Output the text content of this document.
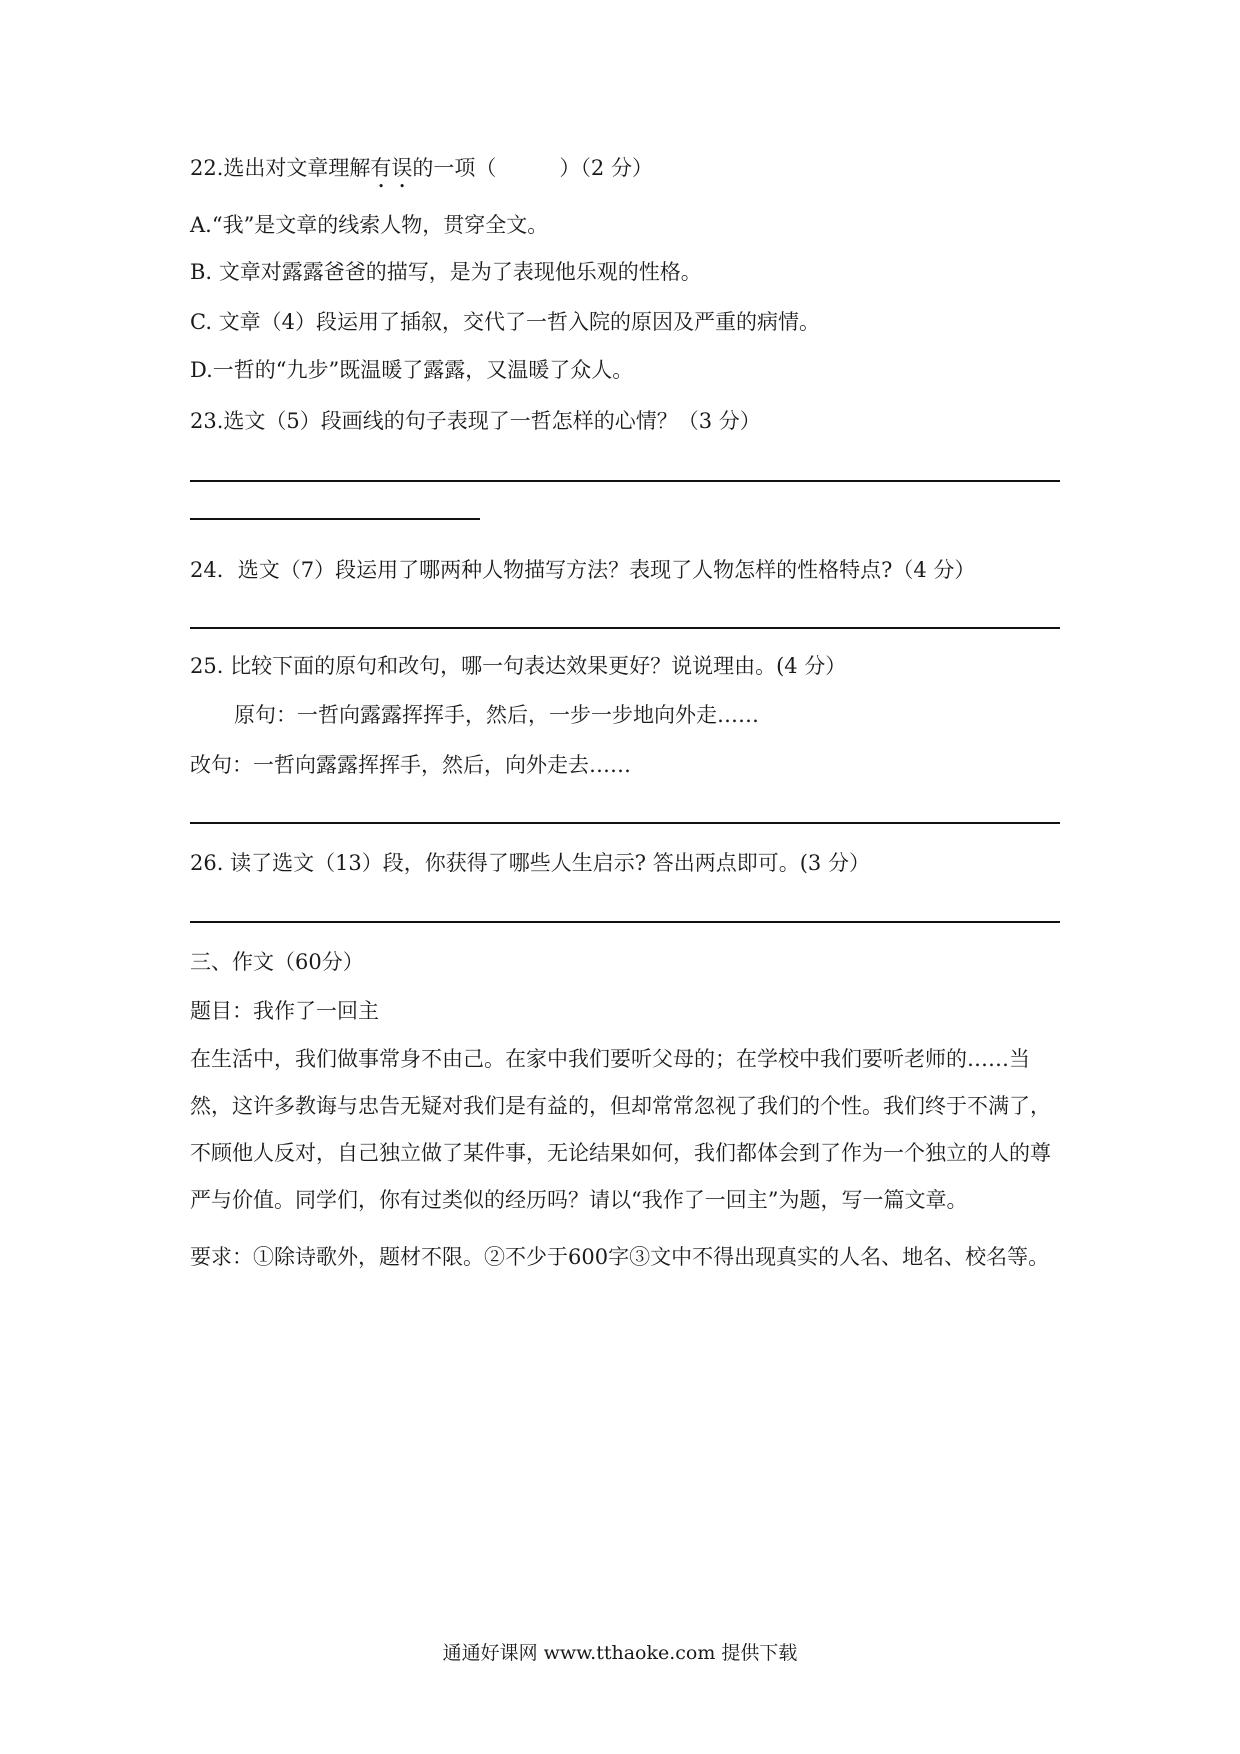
22.选出对文章理解有误的一项（　　　）（2 分）
A.“我”是文章的线索人物，贯穿全文。
B. 文章对露露爸爸的描写，是为了表现他乐观的性格。
C. 文章（4）段运用了插叙，交代了一哲入院的原因及严重的病情。
D.一哲的“九步”既温暖了露露，又温暖了众人。
23.选文（5）段画线的句子表现了一哲怎样的心情？（3 分）
24．选文（7）段运用了哪两种人物描写方法？表现了人物怎样的性格特点?（4 分）
25. 比较下面的原句和改句，哪一句表达效果更好？说说理由。(4 分）
原句：一哲向露露挥挥手，然后，一步一步地向外走……
改句：一哲向露露挥挥手，然后，向外走去……
26. 读了选文（13）段，你获得了哪些人生启示? 答出两点即可。(3 分）
三、作文（60分）
题目：我作了一回主
在生活中，我们做事常身不由己。在家中我们要听父母的；在学校中我们要听老师的……当然，这许多教诲与忠告无疑对我们是有益的，但却常常忽视了我们的个性。我们终于不满了，不顾他人反对，自己独立做了某件事，无论结果如何，我们都体会到了作为一个独立的人的尊严与价值。同学们，你有过类似的经历吗？请以“我作了一回主”为题，写一篇文章。
要求：①除诗歌外，题材不限。②不少于600字③文中不得出现真实的人名、地名、校名等。
通通好课网 www.tthaoke.com 提供下载
